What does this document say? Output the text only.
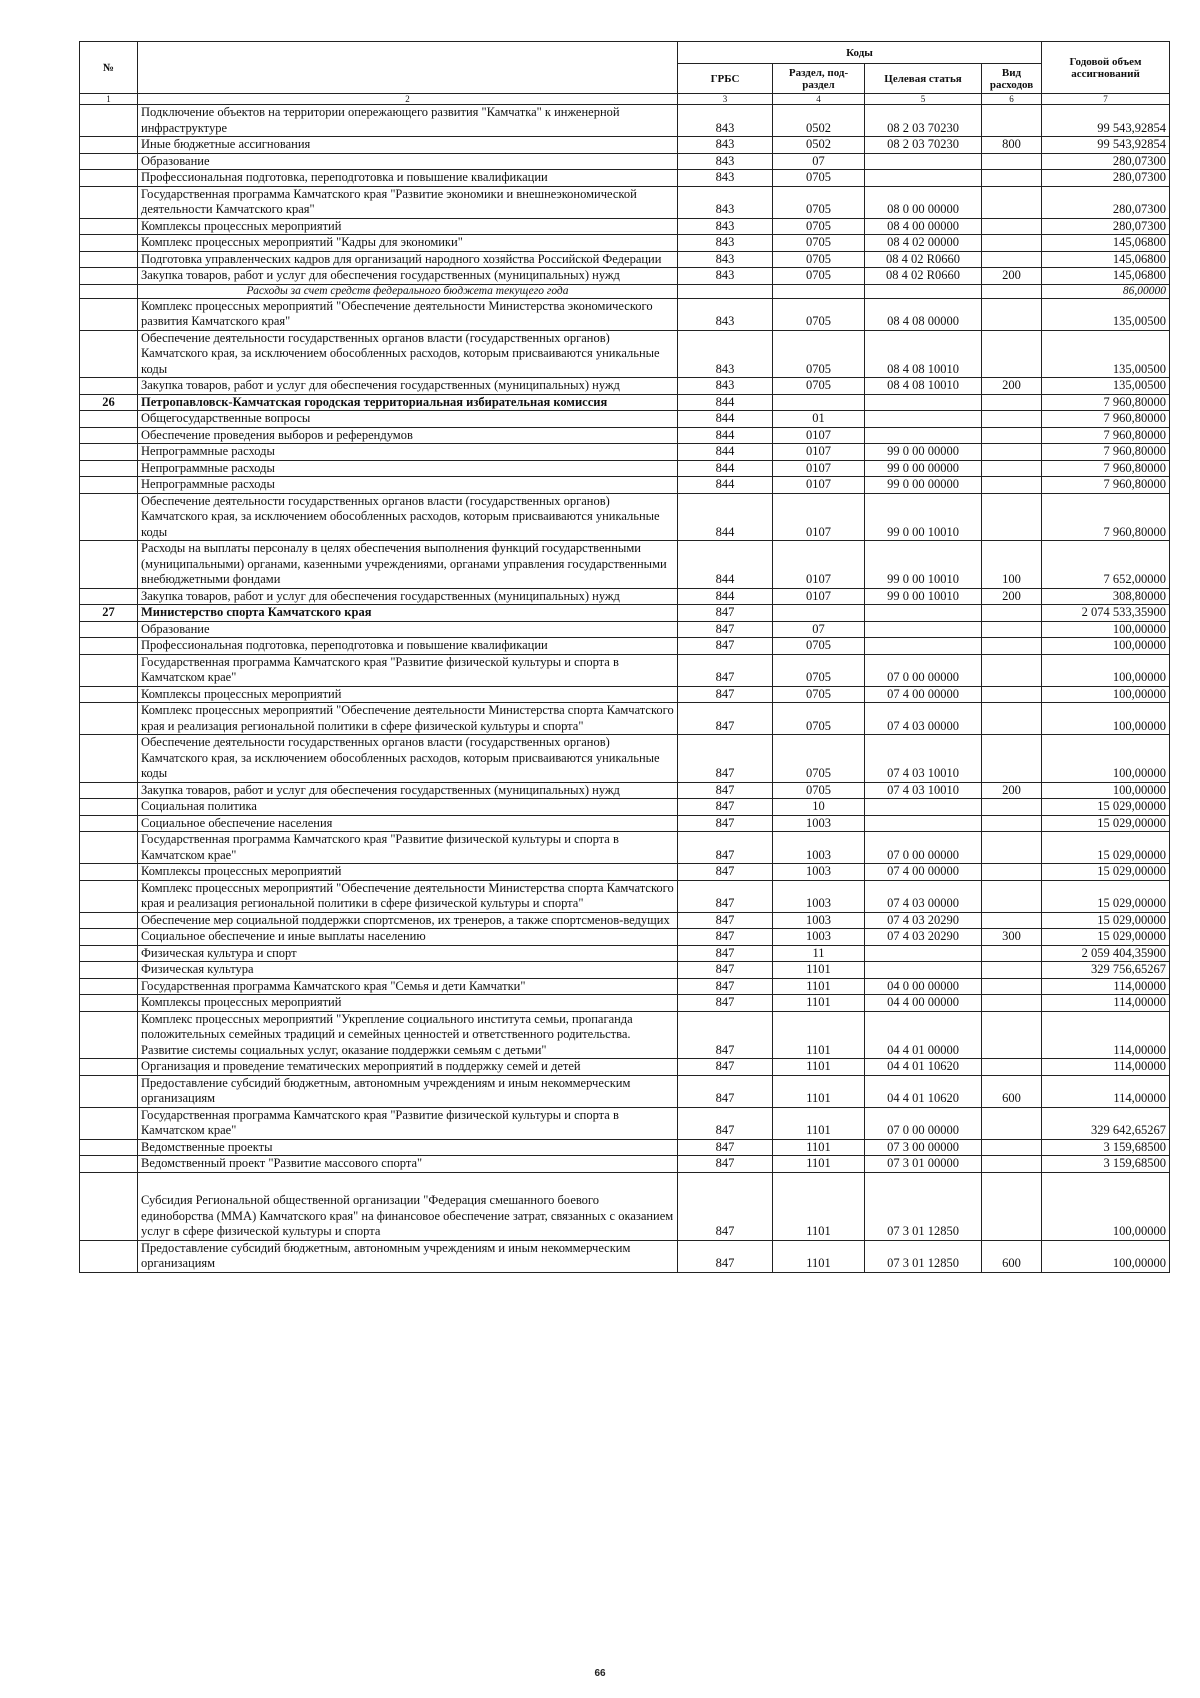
№		Коды				Годовой объем ассигнований
		ГРБС	Раздел, под-раздел	Целевая статья	Вид расходов	
1	2	3	4	5	6	7
	Подключение объектов на территории опережающего развития "Камчатка" к инженерной инфраструктуре	843	0502	08 2 03 70230		99 543,92854
	Иные бюджетные ассигнования	843	0502	08 2 03 70230	800	99 543,92854
	Образование	843	07			280,07300
	Профессиональная подготовка, переподготовка и повышение квалификации	843	0705			280,07300
	Государственная программа Камчатского края "Развитие экономики и внешнеэкономической деятельности Камчатского края"	843	0705	08 0 00 00000		280,07300
	Комплексы процессных мероприятий	843	0705	08 4 00 00000		280,07300
	Комплекс процессных мероприятий "Кадры для экономики"	843	0705	08 4 02 00000		145,06800
	Подготовка управленческих кадров для организаций народного хозяйства Российской Федерации	843	0705	08 4 02 R0660		145,06800
	Закупка товаров, работ и услуг для обеспечения государственных (муниципальных) нужд	843	0705	08 4 02 R0660	200	145,06800
	Расходы за счет средств федерального бюджета текущего года					86,00000
	Комплекс процессных мероприятий "Обеспечение деятельности Министерства экономического развития Камчатского края"	843	0705	08 4 08 00000		135,00500
	Обеспечение деятельности государственных органов власти (государственных органов) Камчатского края, за исключением обособленных расходов, которым присваиваются уникальные коды	843	0705	08 4 08 10010		135,00500
	Закупка товаров, работ и услуг для обеспечения государственных (муниципальных) нужд	843	0705	08 4 08 10010	200	135,00500
26	Петропавловск-Камчатская городская территориальная избирательная комиссия	844				7 960,80000
	Общегосударственные вопросы	844	01			7 960,80000
	Обеспечение проведения выборов и референдумов	844	0107			7 960,80000
	Непрограммные расходы	844	0107	99 0 00 00000		7 960,80000
	Непрограммные расходы	844	0107	99 0 00 00000		7 960,80000
	Непрограммные расходы	844	0107	99 0 00 00000		7 960,80000
	Обеспечение деятельности государственных органов власти (государственных органов) Камчатского края, за исключением обособленных расходов, которым присваиваются уникальные коды	844	0107	99 0 00 10010		7 960,80000
	Расходы на выплаты персоналу в целях обеспечения выполнения функций государственными (муниципальными) органами, казенными учреждениями, органами управления государственными внебюджетными фондами	844	0107	99 0 00 10010	100	7 652,00000
	Закупка товаров, работ и услуг для обеспечения государственных (муниципальных) нужд	844	0107	99 0 00 10010	200	308,80000
27	Министерство спорта Камчатского края	847				2 074 533,35900
	Образование	847	07			100,00000
	Профессиональная подготовка, переподготовка и повышение квалификации	847	0705			100,00000
	Государственная программа Камчатского края "Развитие физической культуры и спорта в Камчатском крае"	847	0705	07 0 00 00000		100,00000
	Комплексы процессных мероприятий	847	0705	07 4 00 00000		100,00000
	Комплекс процессных мероприятий "Обеспечение деятельности Министерства спорта Камчатского края и реализация региональной политики в сфере физической культуры и спорта"	847	0705	07 4 03 00000		100,00000
	Обеспечение деятельности государственных органов власти (государственных органов) Камчатского края, за исключением обособленных расходов, которым присваиваются уникальные коды	847	0705	07 4 03 10010		100,00000
	Закупка товаров, работ и услуг для обеспечения государственных (муниципальных) нужд	847	0705	07 4 03 10010	200	100,00000
	Социальная политика	847	10			15 029,00000
	Социальное обеспечение населения	847	1003			15 029,00000
	Государственная программа Камчатского края "Развитие физической культуры и спорта в Камчатском крае"	847	1003	07 0 00 00000		15 029,00000
	Комплексы процессных мероприятий	847	1003	07 4 00 00000		15 029,00000
	Комплекс процессных мероприятий "Обеспечение деятельности Министерства спорта Камчатского края и реализация региональной политики в сфере физической культуры и спорта"	847	1003	07 4 03 00000		15 029,00000
	Обеспечение мер социальной поддержки спортсменов, их тренеров, а также спортсменов-ведущих	847	1003	07 4 03 20290		15 029,00000
	Социальное обеспечение и иные выплаты населению	847	1003	07 4 03 20290	300	15 029,00000
	Физическая культура и спорт	847	11			2 059 404,35900
	Физическая культура	847	1101			329 756,65267
	Государственная программа Камчатского края "Семья и дети Камчатки"	847	1101	04 0 00 00000		114,00000
	Комплексы процессных мероприятий	847	1101	04 4 00 00000		114,00000
	Комплекс процессных мероприятий "Укрепление социального института семьи, пропаганда положительных семейных традиций и семейных ценностей и ответственного родительства. Развитие системы социальных услуг, оказание поддержки семьям с детьми"	847	1101	04 4 01 00000		114,00000
	Организация и проведение тематических мероприятий в поддержку семей и детей	847	1101	04 4 01 10620		114,00000
	Предоставление субсидий бюджетным, автономным учреждениям и иным некоммерческим организациям	847	1101	04 4 01 10620	600	114,00000
	Государственная программа Камчатского края "Развитие физической культуры и спорта в Камчатском крае"	847	1101	07 0 00 00000		329 642,65267
	Ведомственные проекты	847	1101	07 3 00 00000		3 159,68500
	Ведомственный проект "Развитие массового спорта"	847	1101	07 3 01 00000		3 159,68500
	Субсидия Региональной общественной организации "Федерация смешанного боевого единоборства (ММА) Камчатского края" на финансовое обеспечение затрат, связанных с оказанием услуг в сфере физической культуры и спорта	847	1101	07 3 01 12850		100,00000
	Предоставление субсидий бюджетным, автономным учреждениям и иным некоммерческим организациям	847	1101	07 3 01 12850	600	100,00000
66
